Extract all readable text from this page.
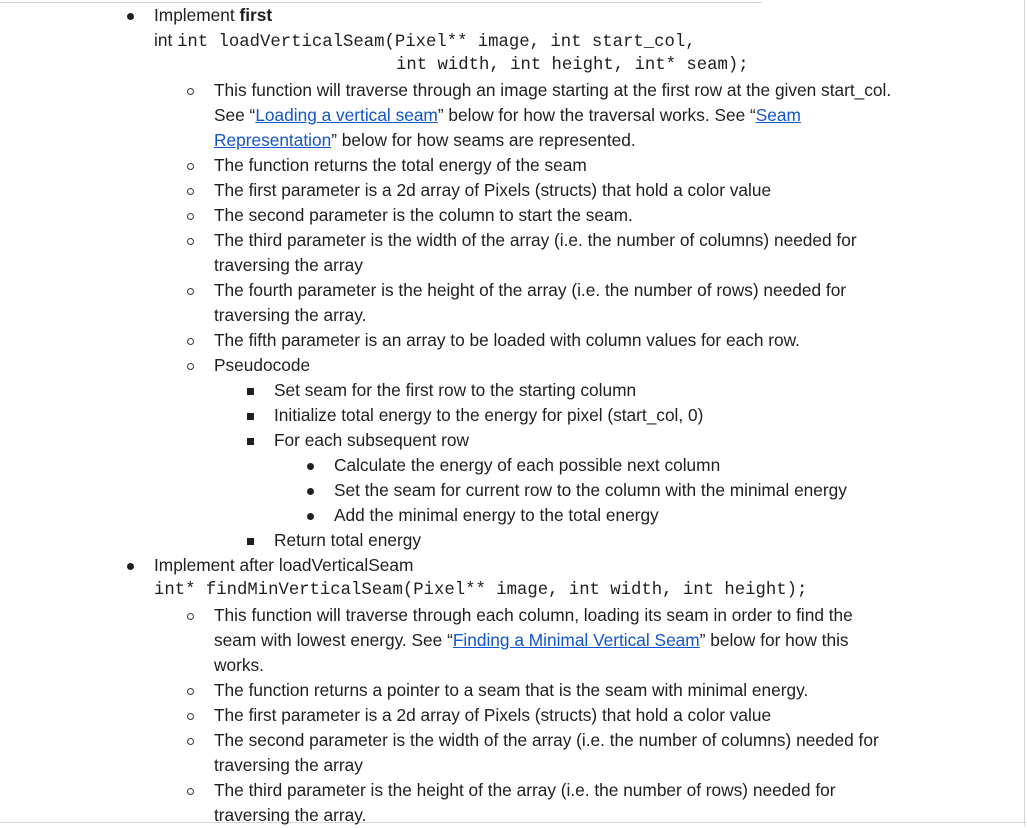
Implement first
int int loadVerticalSeam(Pixel** image, int start_col,
int width, int height, int* seam);
This function will traverse through an image starting at the first row at the given start_col.
See “Loading a vertical seam” below for how the traversal works. See “Seam
Representation” below for how seams are represented.
The function returns the total energy of the seam
The first parameter is a 2d array of Pixels (structs) that hold a color value
The second parameter is the column to start the seam.
The third parameter is the width of the array (i.e. the number of columns) needed for
traversing the array
The fourth parameter is the height of the array (i.e. the number of rows) needed for
traversing the array.
The fifth parameter is an array to be loaded with column values for each row.
Pseudocode
Set seam for the first row to the starting column
Initialize total energy to the energy for pixel (start_col, 0)
For each subsequent row
Calculate the energy of each possible next column
Set the seam for current row to the column with the minimal energy
Add the minimal energy to the total energy
Return total energy
Implement after loadVerticalSeam
int* findMinVerticalSeam(Pixel** image, int width, int height);
This function will traverse through each column, loading its seam in order to find the
seam with lowest energy. See “Finding a Minimal Vertical Seam” below for how this
works.
The function returns a pointer to a seam that is the seam with minimal energy.
The first parameter is a 2d array of Pixels (structs) that hold a color value
The second parameter is the width of the array (i.e. the number of columns) needed for
traversing the array
The third parameter is the height of the array (i.e. the number of rows) needed for
traversing the array.
